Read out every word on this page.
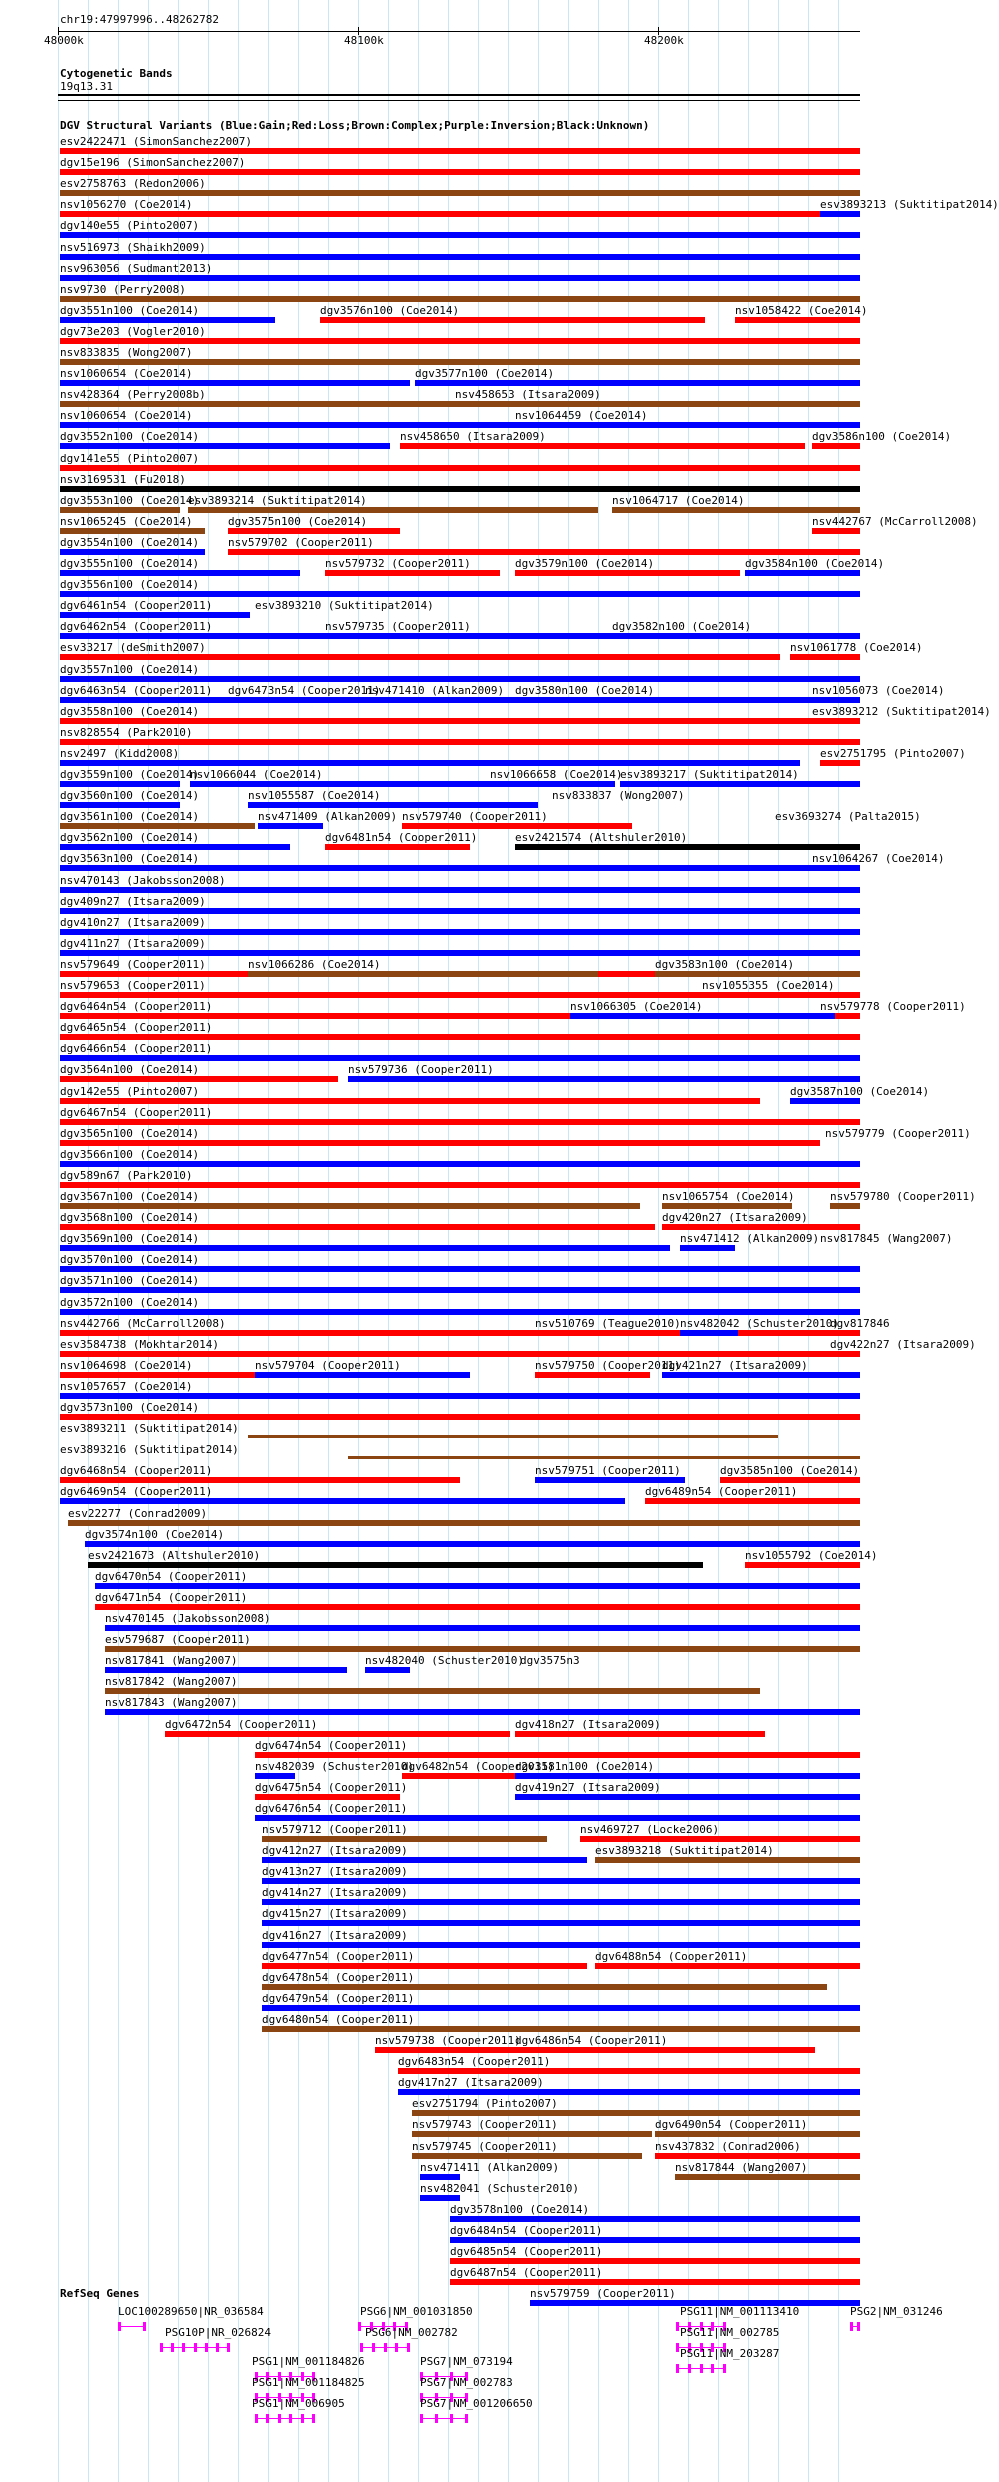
chr19:47997996..48262782
48000k	48100k	48200k
Cytogenetic Bands
19q13.31
DGV Structural Variants (Blue:Gain;Red:Loss;Brown:Complex;Purple:Inversion;Black:Unknown)
esv2422471 (SimonSanchez2007)
dgv15e196 (SimonSanchez2007)
esv2758763 (Redon2006)
nsv1056270 (Coe2014)	esv3893213 (Suktitipat2014)
dgv140e55 (Pinto2007)
nsv516973 (Shaikh2009)
nsv963056 (Sudmant2013)
nsv9730 (Perry2008)
dgv3551n100 (Coe2014)	dgv3576n100 (Coe2014)	nsv1058422 (Coe2014)
dgv73e203 (Vogler2010)
nsv833835 (Wong2007)
nsv1060654 (Coe2014)	dgv3577n100 (Coe2014)
nsv428364 (Perry2008b)	nsv458653 (Itsara2009)
nsv1060654 (Coe2014)	nsv1064459 (Coe2014)
dgv3552n100 (Coe2014)	nsv458650 (Itsara2009)	dgv3586n100 (Coe2014)
dgv141e55 (Pinto2007)
nsv3169531 (Fu2018)
dgv3553n100 (Coe2014)
esv3893214 (Suktitipat2014)	nsv1064717 (Coe2014)
nsv1065245 (Coe2014)	dgv3575n100 (Coe2014)	nsv442767 (McCarroll2008)
dgv3554n100 (Coe2014)	nsv579702 (Cooper2011)
dgv3555n100 (Coe2014)	nsv579732 (Cooper2011)	dgv3579n100 (Coe2014)	dgv3584n100 (Coe2014)
dgv3556n100 (Coe2014)
dgv6461n54 (Cooper2011)	esv3893210 (Suktitipat2014)
dgv6462n54 (Cooper2011)	nsv579735 (Cooper2011)	dgv3582n100 (Coe2014)
esv33217 (deSmith2007)	nsv1061778 (Coe2014)
dgv3557n100 (Coe2014)
dgv6463n54 (Cooper2011) dgv6473n54 (Cooper2011)
nsv471410 (Alkan2009) dgv3580n100 (Coe2014)	nsv1056073 (Coe2014)
dgv3558n100 (Coe2014)	esv3893212 (Suktitipat2014)
nsv828554 (Park2010)
nsv2497 (Kidd2008)	esv2751795 (Pinto2007)
dgv3559n100 (Coe2014)
nsv1066044 (Coe2014)	nsv1066658 (Coe2014)
esv3893217 (Suktitipat2014)
dgv3560n100 (Coe2014)	nsv1055587 (Coe2014)	nsv833837 (Wong2007)
dgv3561n100 (Coe2014)	nsv471409 (Alkan2009) nsv579740 (Cooper2011)	esv3693274 (Palta2015)
dgv3562n100 (Coe2014)	dgv6481n54 (Cooper2011)	esv2421574 (Altshuler2010)
dgv3563n100 (Coe2014)	nsv1064267 (Coe2014)
nsv470143 (Jakobsson2008)
dgv409n27 (Itsara2009)
dgv410n27 (Itsara2009)
dgv411n27 (Itsara2009)
nsv579649 (Cooper2011)	nsv1066286 (Coe2014)	dgv3583n100 (Coe2014)
nsv579653 (Cooper2011)	nsv1055355 (Coe2014)
dgv6464n54 (Cooper2011)	nsv1066305 (Coe2014)	nsv579778 (Cooper2011)
dgv6465n54 (Cooper2011)
dgv6466n54 (Cooper2011)
dgv3564n100 (Coe2014)	nsv579736 (Cooper2011)
dgv142e55 (Pinto2007)	dgv3587n100 (Coe2014)
dgv6467n54 (Cooper2011)
dgv3565n100 (Coe2014)	nsv579779 (Cooper2011)
dgv3566n100 (Coe2014)
dgv589n67 (Park2010)
dgv3567n100 (Coe2014)	nsv1065754 (Coe2014)	nsv579780 (Cooper2011)
dgv3568n100 (Coe2014)	dgv420n27 (Itsara2009)
dgv3569n100 (Coe2014)	nsv471412 (Alkan2009) nsv817845 (Wang2007)
dgv3570n100 (Coe2014)
dgv3571n100 (Coe2014)
dgv3572n100 (Coe2014)
nsv442766 (McCarroll2008)	nsv510769 (Teague2010) nsv482042 (Schuster2010)
dgv817846
esv3584738 (Mokhtar2014)	dgv422n27 (Itsara2009)
nsv1064698 (Coe2014)	nsv579704 (Cooper2011)	nsv579750 (Cooper2011)
dgv421n27 (Itsara2009)
nsv1057657 (Coe2014)
dgv3573n100 (Coe2014)
esv3893211 (Suktitipat2014)
esv3893216 (Suktitipat2014)
dgv6468n54 (Cooper2011)	nsv579751 (Cooper2011)	dgv3585n100 (Coe2014)
dgv6469n54 (Cooper2011)	dgv6489n54 (Cooper2011)
esv22277 (Conrad2009)
dgv3574n100 (Coe2014)
esv2421673 (Altshuler2010)	nsv1055792 (Coe2014)
dgv6470n54 (Cooper2011)
dgv6471n54 (Cooper2011)
nsv470145 (Jakobsson2008)
esv579687 (Cooper2011)
nsv817841 (Wang2007)	nsv482040 (Schuster2010)
dgv3575n3
nsv817842 (Wang2007)
nsv817843 (Wang2007)
dgv6472n54 (Cooper2011)	dgv418n27 (Itsara2009)
dgv6474n54 (Cooper2011)
nsv482039 (Schuster2010)
dgv6482n54 (Cooper2011)
dgv3581n100 (Coe2014)
dgv6475n54 (Cooper2011)	dgv419n27 (Itsara2009)
dgv6476n54 (Cooper2011)
nsv579712 (Cooper2011)	nsv469727 (Locke2006)
dgv412n27 (Itsara2009)	esv3893218 (Suktitipat2014)
dgv413n27 (Itsara2009)
dgv414n27 (Itsara2009)
dgv415n27 (Itsara2009)
dgv416n27 (Itsara2009)
dgv6477n54 (Cooper2011)	dgv6488n54 (Cooper2011)
dgv6478n54 (Cooper2011)
dgv6479n54 (Cooper2011)
dgv6480n54 (Cooper2011)
nsv579738 (Cooper2011)
dgv6486n54 (Cooper2011)
dgv6483n54 (Cooper2011)
dgv417n27 (Itsara2009)
esv2751794 (Pinto2007)
nsv579743 (Cooper2011)	dgv6490n54 (Cooper2011)
nsv579745 (Cooper2011)	nsv437832 (Conrad2006)
nsv471411 (Alkan2009)	nsv817844 (Wang2007)
nsv482041 (Schuster2010)
dgv3578n100 (Coe2014)
dgv6484n54 (Cooper2011)
dgv6485n54 (Cooper2011)
dgv6487n54 (Cooper2011)
nsv579759 (Cooper2011)
RefSeq Genes
LOC100289650|NR_036584
PSG10P|NR_026824
PSG6|NM_001031850
PSG6|NM_002782
PSG1|NM_001184826	PSG7|NM_073194
PSG1|NM_001184825	PSG7|NM_002783
PSG1|NM_006905	PSG7|NM_001206650
PSG11|NM_001113410	PSG2|NM_031246
PSG11|NM_002785
PSG11|NM_203287
